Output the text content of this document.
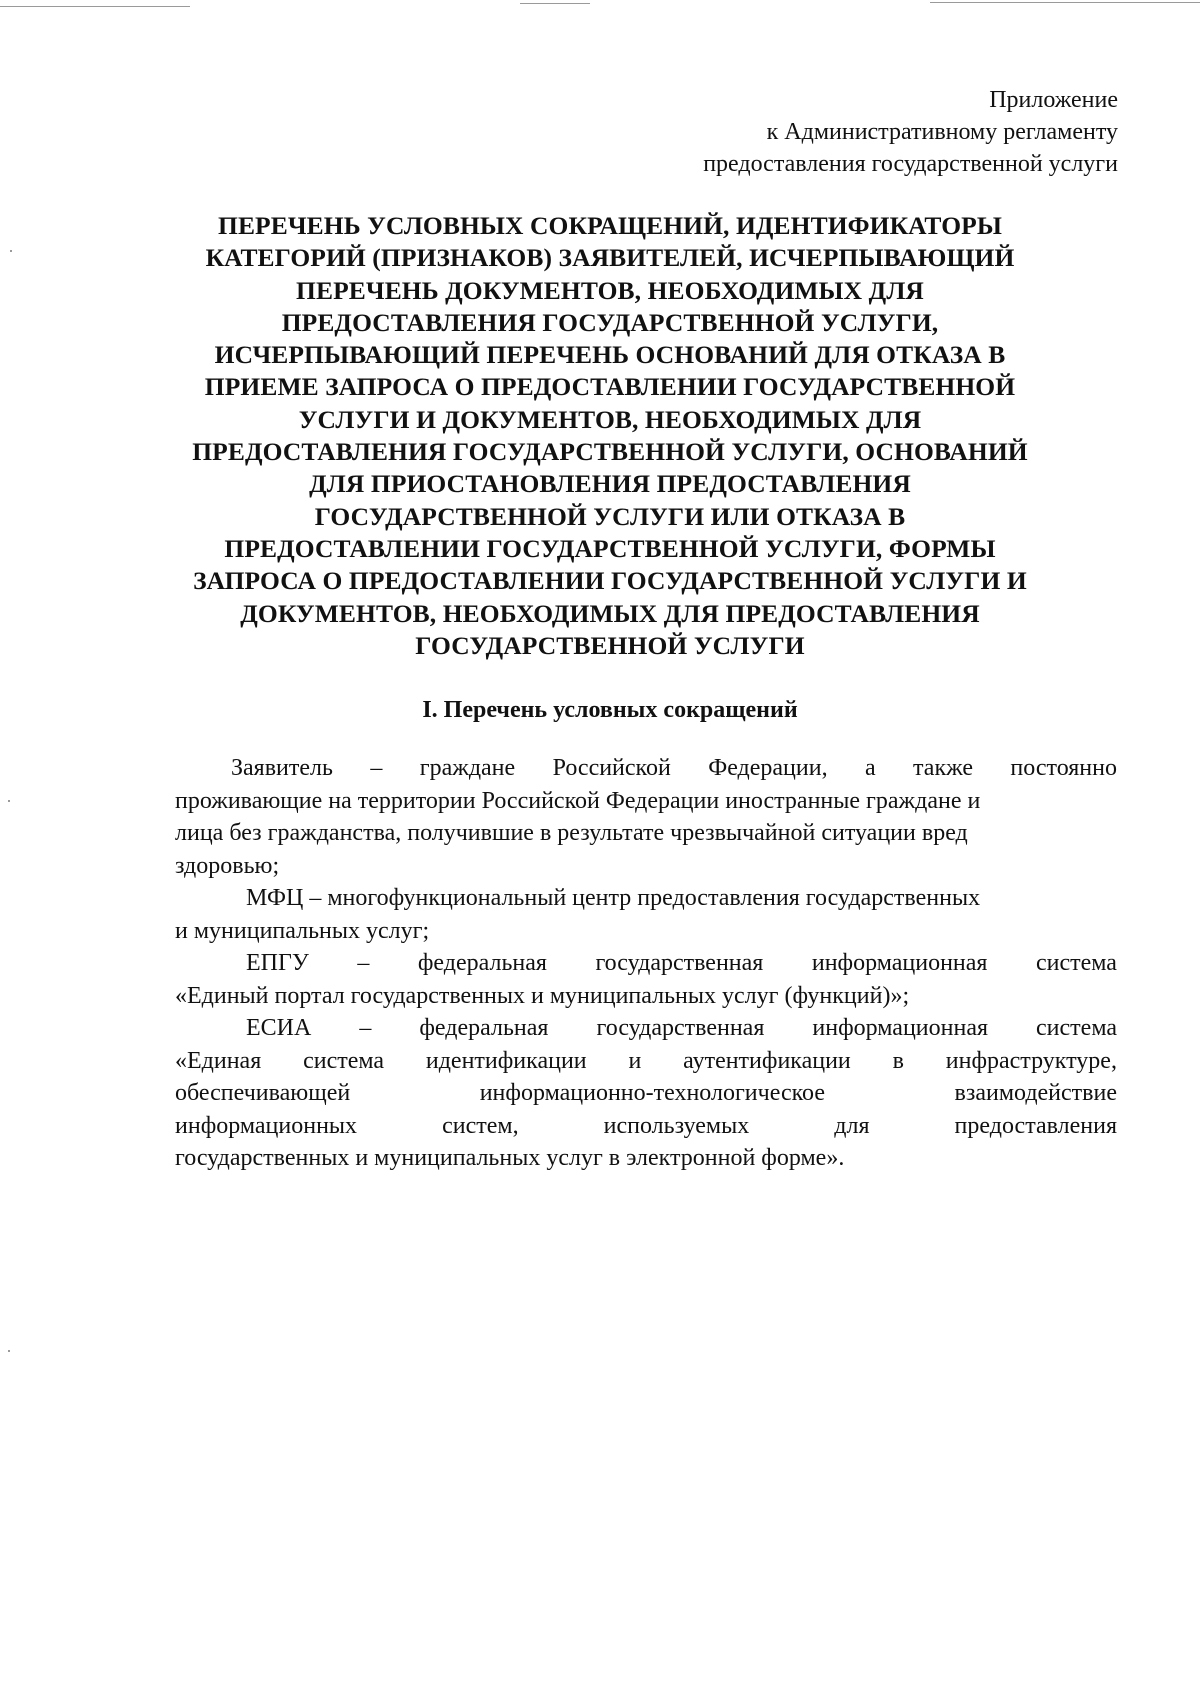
Приложение
к Административному регламенту
предоставления государственной услуги
ПЕРЕЧЕНЬ УСЛОВНЫХ СОКРАЩЕНИЙ, ИДЕНТИФИКАТОРЫ
КАТЕГОРИЙ (ПРИЗНАКОВ) ЗАЯВИТЕЛЕЙ, ИСЧЕРПЫВАЮЩИЙ
ПЕРЕЧЕНЬ ДОКУМЕНТОВ, НЕОБХОДИМЫХ ДЛЯ
ПРЕДОСТАВЛЕНИЯ ГОСУДАРСТВЕННОЙ УСЛУГИ,
ИСЧЕРПЫВАЮЩИЙ ПЕРЕЧЕНЬ ОСНОВАНИЙ ДЛЯ ОТКАЗА В
ПРИЕМЕ ЗАПРОСА О ПРЕДОСТАВЛЕНИИ ГОСУДАРСТВЕННОЙ
УСЛУГИ И ДОКУМЕНТОВ, НЕОБХОДИМЫХ ДЛЯ
ПРЕДОСТАВЛЕНИЯ ГОСУДАРСТВЕННОЙ УСЛУГИ, ОСНОВАНИЙ
ДЛЯ ПРИОСТАНОВЛЕНИЯ ПРЕДОСТАВЛЕНИЯ
ГОСУДАРСТВЕННОЙ УСЛУГИ ИЛИ ОТКАЗА В
ПРЕДОСТАВЛЕНИИ ГОСУДАРСТВЕННОЙ УСЛУГИ, ФОРМЫ
ЗАПРОСА О ПРЕДОСТАВЛЕНИИ ГОСУДАРСТВЕННОЙ УСЛУГИ И
ДОКУМЕНТОВ, НЕОБХОДИМЫХ ДЛЯ ПРЕДОСТАВЛЕНИЯ
ГОСУДАРСТВЕННОЙ УСЛУГИ
I. Перечень условных сокращений
Заявитель – граждане Российской Федерации, а также постоянно
проживающие на территории Российской Федерации иностранные граждане и
лица без гражданства, получившие в результате чрезвычайной ситуации вред
здоровью;
МФЦ – многофункциональный центр предоставления государственных
и муниципальных услуг;
ЕПГУ – федеральная государственная информационная система
«Единый портал государственных и муниципальных услуг (функций)»;
ЕСИА – федеральная государственная информационная система
«Единая система идентификации и аутентификации в инфраструктуре,
обеспечивающей	информационно-технологическое	взаимодействие
информационных	систем,	используемых	для	предоставления
государственных и муниципальных услуг в электронной форме».
